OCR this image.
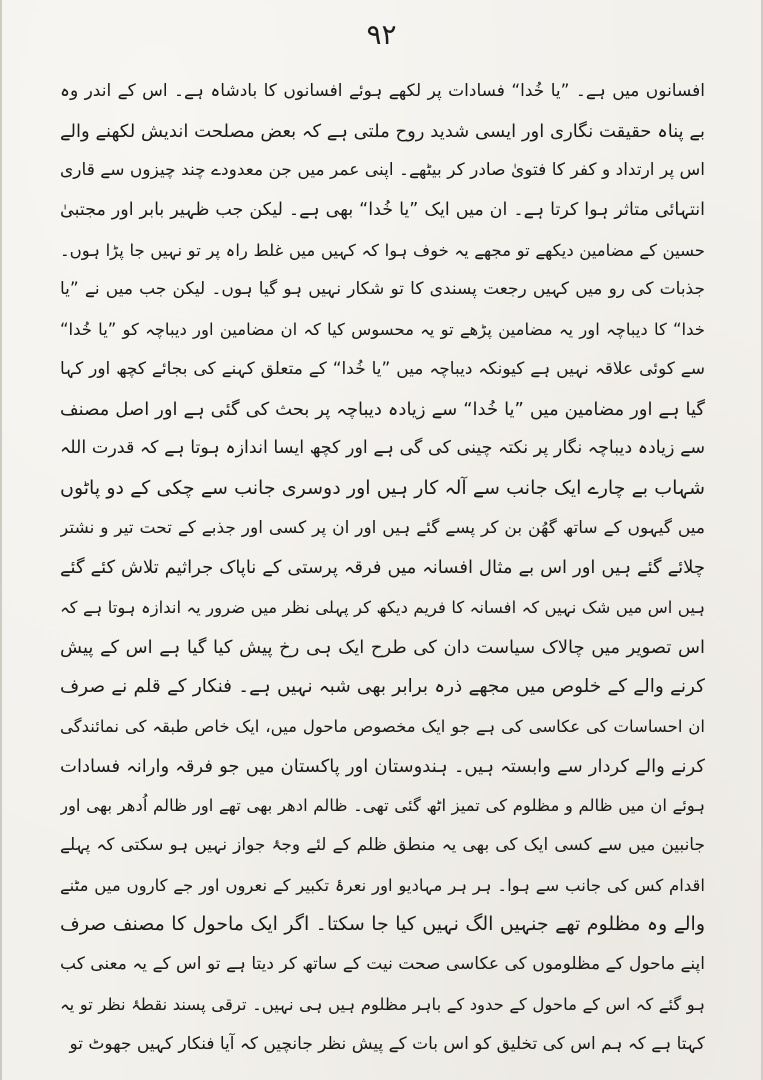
۹۲
افسانوں میں ہے۔ ”یا خُدا“ فسادات پر لکھے ہوئے افسانوں کا بادشاہ ہے۔ اس کے اندر وہ
بے پناہ حقیقت نگاری اور ایسی شدید روح ملتی ہے کہ بعض مصلحت اندیش لکھنے والے
اس پر ارتداد و کفر کا فتویٰ صادر کر بیٹھے۔ اپنی عمر میں جن معدودے چند چیزوں سے قاری
انتہائی متاثر ہوا کرتا ہے۔ ان میں ایک ”یا خُدا“ بھی ہے۔ لیکن جب ظہیر بابر اور مجتبیٰ
حسین کے مضامین دیکھے تو مجھے یہ خوف ہوا کہ کہیں میں غلط راہ پر تو نہیں جا پڑا ہوں۔
جذبات کی رو میں کہیں رجعت پسندی کا تو شکار نہیں ہو گیا ہوں۔ لیکن جب میں نے ”یا
خدا“ کا دیباچہ اور یہ مضامین پڑھے تو یہ محسوس کیا کہ ان مضامین اور دیباچہ کو ”یا خُدا“
سے کوئی علاقہ نہیں ہے کیونکہ دیباچہ میں ”یا خُدا“ کے متعلق کہنے کی بجائے کچھ اور کہا
گیا ہے اور مضامین میں ”یا خُدا“ سے زیادہ دیباچہ پر بحث کی گئی ہے اور اصل مصنف
سے زیادہ دیباچہ نگار پر نکتہ چینی کی گی ہے اور کچھ ایسا اندازہ ہوتا ہے کہ قدرت اللہ
شہاب بے چارے ایک جانب سے آلہ کار ہیں اور دوسری جانب سے چکی کے دو پاٹوں
میں گیہوں کے ساتھ گھُن بن کر پسے گئے ہیں اور ان پر کسی اور جذبے کے تحت تیر و نشتر
چلائے گئے ہیں اور اس بے مثال افسانہ میں فرقہ پرستی کے ناپاک جراثیم تلاش کئے گئے
ہیں اس میں شک نہیں کہ افسانہ کا فریم دیکھ کر پہلی نظر میں ضرور یہ اندازہ ہوتا ہے کہ
اس تصویر میں چالاک سیاست دان کی طرح ایک ہی رخ پیش کیا گیا ہے اس کے پیش
کرنے والے کے خلوص میں مجھے ذرہ برابر بھی شبہ نہیں ہے۔ فنکار کے قلم نے صرف
ان احساسات کی عکاسی کی ہے جو ایک مخصوص ماحول میں، ایک خاص طبقہ کی نمائندگی
کرنے والے کردار سے وابستہ ہیں۔ ہندوستان اور پاکستان میں جو فرقہ وارانہ فسادات
ہوئے ان میں ظالم و مظلوم کی تمیز اٹھ گئی تھی۔ ظالم ادھر بھی تھے اور ظالم اُدھر بھی اور
جانبین میں سے کسی ایک کی بھی یہ منطق ظلم کے لئے وجۂ جواز نہیں ہو سکتی کہ پہلے
اقدام کس کی جانب سے ہوا۔ ہر ہر مہادیو اور نعرۂ تکبیر کے نعروں اور جے کاروں میں مٹنے
والے وہ مظلوم تھے جنہیں الگ نہیں کیا جا سکتا۔ اگر ایک ماحول کا مصنف صرف
اپنے ماحول کے مظلوموں کی عکاسی صحت نیت کے ساتھ کر دیتا ہے تو اس کے یہ معنی کب
ہو گئے کہ اس کے ماحول کے حدود کے باہر مظلوم ہیں ہی نہیں۔ ترقی پسند نقطۂ نظر تو یہ
کہتا ہے کہ ہم اس کی تخلیق کو اس بات کے پیش نظر جانچیں کہ آیا فنکار کہیں جھوٹ تو
